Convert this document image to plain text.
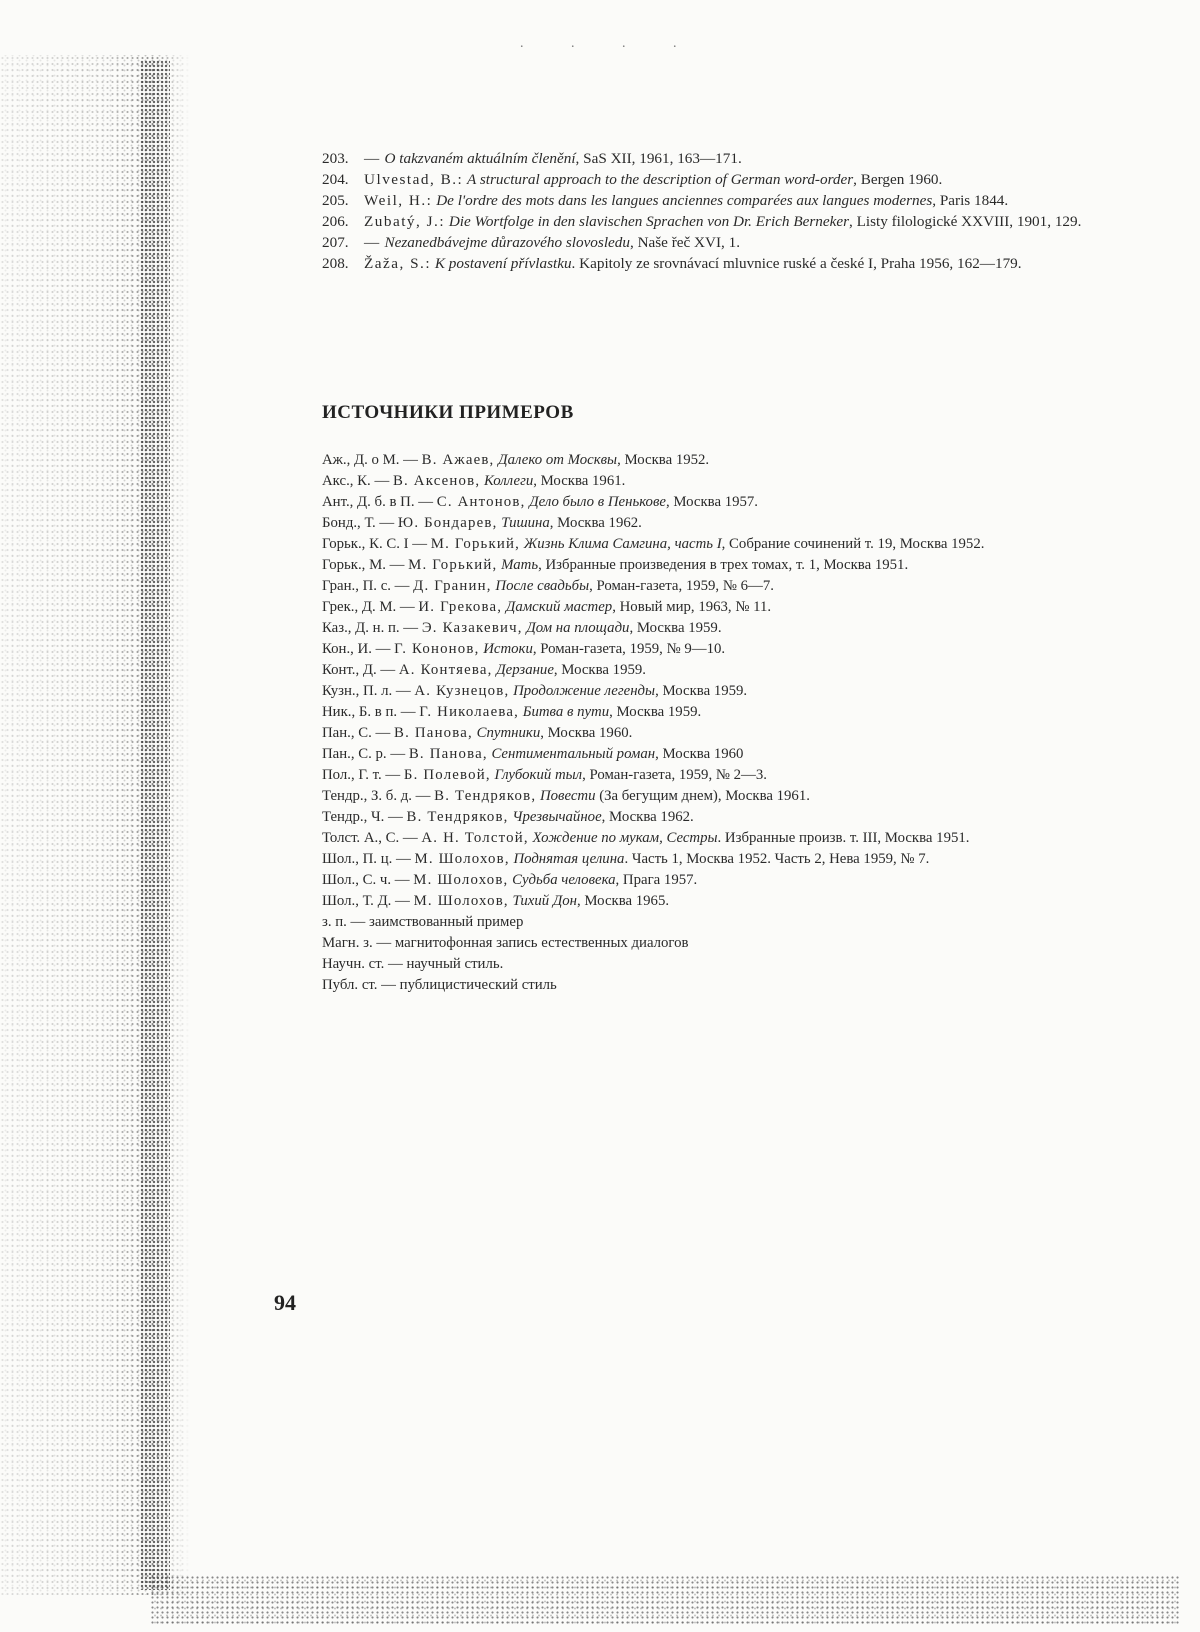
. . . .

203. — O takzvaném aktuálním členění, SaS XII, 1961, 163—171.

204. Ulvestad, B.: A structural approach to the description of German word-order, Bergen 1960.

205. Weil, H.: De l'ordre des mots dans les langues anciennes comparées aux langues modernes, Paris 1844.

206. Zubatý, J.: Die Wortfolge in den slavischen Sprachen von Dr. Erich Berneker, Listy filologické XXVIII, 1901, 129.

207. — Nezanedbávejme důrazového slovosledu, Naše řeč XVI, 1.

208. Žaža, S.: K postavení přívlastku. Kapitoly ze srovnávací mluvnice ruské a české I, Praha 1956, 162—179.

ИСТОЧНИКИ ПРИМЕРОВ

Аж., Д. о М. — В. Ажаев, Далеко от Москвы, Москва 1952.

Акс., К. — В. Аксенов, Коллеги, Москва 1961.

Ант., Д. б. в П. — С. Антонов, Дело было в Пенькове, Москва 1957.

Бонд., Т. — Ю. Бондарев, Тишина, Москва 1962.

Горьк., К. С. I — М. Горький, Жизнь Клима Самгина, часть I, Собрание сочинений т. 19, Москва 1952.

Горьк., М. — М. Горький, Мать, Избранные произведения в трех томах, т. 1, Москва 1951.

Гран., П. с. — Д. Гранин, После свадьбы, Роман-газета, 1959, № 6—7.

Грек., Д. М. — И. Грекова, Дамский мастер, Новый мир, 1963, № 11.

Каз., Д. н. п. — Э. Казакевич, Дом на площади, Москва 1959.

Кон., И. — Г. Кононов, Истоки, Роман-газета, 1959, № 9—10.

Конт., Д. — А. Контяева, Дерзание, Москва 1959.

Кузн., П. л. — А. Кузнецов, Продолжение легенды, Москва 1959.

Ник., Б. в п. — Г. Николаева, Битва в пути, Москва 1959.

Пан., С. — В. Панова, Спутники, Москва 1960.

Пан., С. р. — В. Панова, Сентиментальный роман, Москва 1960

Пол., Г. т. — Б. Полевой, Глубокий тыл, Роман-газета, 1959, № 2—3.

Тендр., З. б. д. — В. Тендряков, Повести (За бегущим днем), Москва 1961.

Тендр., Ч. — В. Тендряков, Чрезвычайное, Москва 1962.

Толст. А., С. — А. Н. Толстой, Хождение по мукам, Сестры. Избранные произв. т. III, Москва 1951.

Шол., П. ц. — М. Шолохов, Поднятая целина. Часть 1, Москва 1952. Часть 2, Нева 1959, № 7.

Шол., С. ч. — М. Шолохов, Судьба человека, Прага 1957.

Шол., Т. Д. — М. Шолохов, Тихий Дон, Москва 1965.

з. п. — заимствованный пример

Магн. з. — магнитофонная запись естественных диалогов

Научн. ст. — научный стиль.

Публ. ст. — публицистический стиль

94
